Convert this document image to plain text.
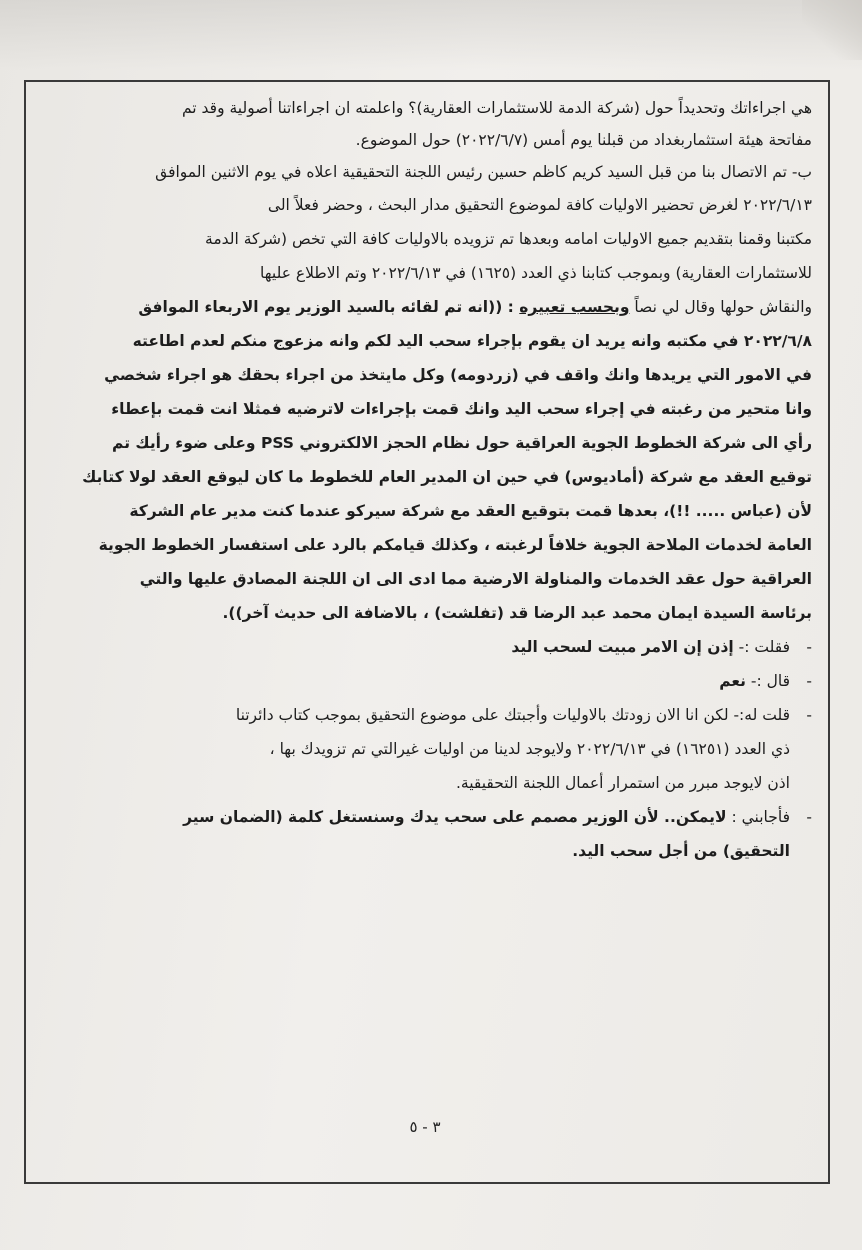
هي اجراءاتك وتحديداً حول (شركة الدمة للاستثمارات العقارية)؟ واعلمته ان اجراءاتنا أصولية وقد تم
مفاتحة هيئة استثماربغداد من قبلنا يوم أمس (٢٠٢٢/٦/٧) حول الموضوع.
ب- تم الاتصال بنا من قبل السيد كريم كاظم حسين رئيس اللجنة التحقيقية اعلاه في يوم الاثنين الموافق
٢٠٢٢/٦/١٣ لغرض تحضير الاوليات كافة لموضوع التحقيق مدار البحث ، وحضر فعلاً الى
مكتبنا وقمنا بتقديم جميع الاوليات امامه وبعدها تم تزويده بالاوليات كافة التي تخص (شركة الدمة
للاستثمارات العقارية) وبموجب كتابنا ذي العدد (١٦٢٥) في ٢٠٢٢/٦/١٣ وتم الاطلاع عليها
والنقاش حولها وقال لي نصاً وبحسب تعبيره : ((انه تم لقائه بالسيد الوزير يوم الاربعاء الموافق
٢٠٢٢/٦/٨ في مكتبه وانه يريد ان يقوم بإجراء سحب اليد لكم وانه مزعوج منكم لعدم اطاعته
في الامور التي يريدها وانك واقف في (زردومه) وكل مايتخذ من اجراء بحقك هو اجراء شخصي
وانا متحير من رغبته في إجراء سحب اليد وانك قمت بإجراءات لاترضيه فمثلا انت قمت بإعطاء
رأي الى شركة الخطوط الجوية العراقية حول نظام الحجز الالكتروني PSS وعلى ضوء رأيك تم
توقيع العقد مع شركة (أماديوس) في حين ان المدير العام للخطوط ما كان ليوقع العقد لولا كتابك
لأن (عباس ..... !!)، بعدها قمت بتوقيع العقد مع شركة سيركو عندما كنت مدير عام الشركة
العامة لخدمات الملاحة الجوية خلافاً لرغبته ، وكذلك قيامكم بالرد على استفسار الخطوط الجوية
العراقية حول عقد الخدمات والمناولة الارضية مما ادى الى ان اللجنة المصادق عليها والتي
برئاسة السيدة ايمان محمد عبد الرضا قد (تفلشت) ، بالاضافة الى حديث آخر)).
-
فقلت :- إذن إن الامر مبيت لسحب اليد
-
قال :- نعم
-
قلت له:- لكن انا الان زودتك بالاوليات وأجبتك على موضوع التحقيق بموجب كتاب دائرتنا
ذي العدد (١٦٢٥١) في ٢٠٢٢/٦/١٣ ولايوجد لدينا من اوليات غيرالتي تم تزويدك بها ،
اذن لايوجد مبرر من استمرار أعمال اللجنة التحقيقية.
-
فأجابني : لايمكن.. لأن الوزير مصمم على سحب يدك وسنستغل كلمة (الضمان سير
التحقيق) من أجل سحب اليد.
٣ - ٥
